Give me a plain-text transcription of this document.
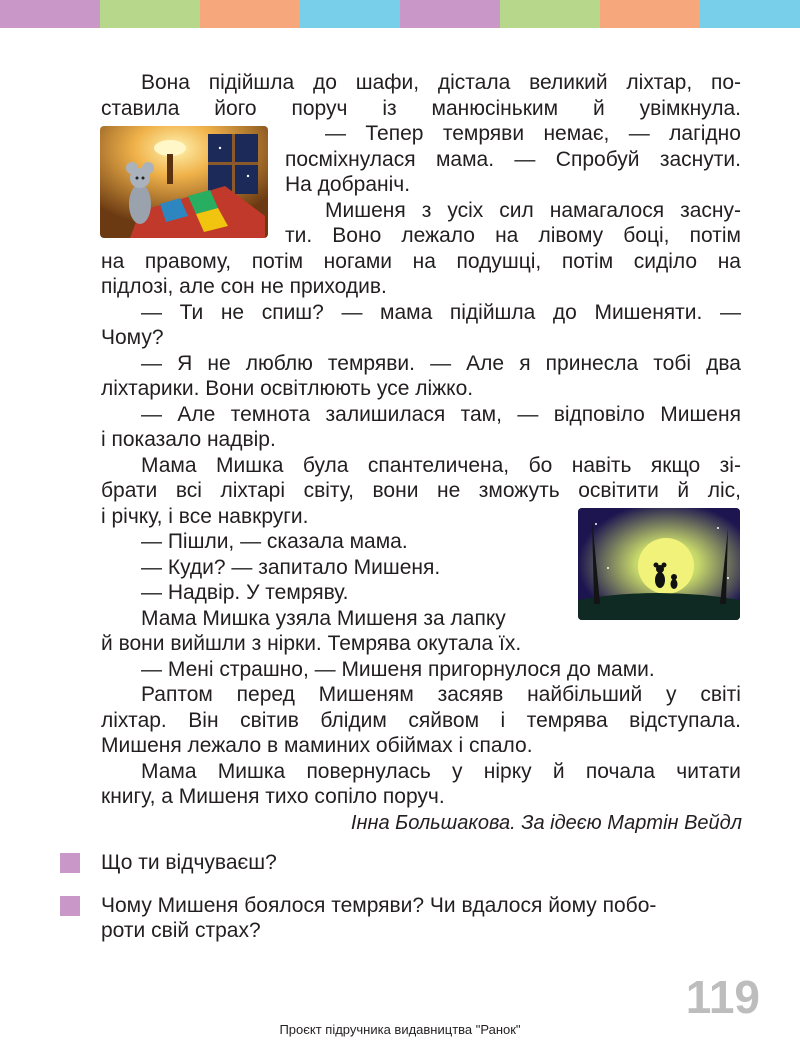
Вона підійшла до шафи, дістала великий ліхтар, по-
ставила його поруч із манюсіньким й увімкнула.
— Тепер темряви немає, — лагідно
посміхнулася мама. — Спробуй заснути.
На добраніч.
Мишеня з усіх сил намагалося засну-
ти. Воно лежало на лівому боці, потім
на правому, потім ногами на подушці, потім сиділо на
підлозі, але сон не приходив.
— Ти не спиш? — мама підійшла до Мишеняти. —
Чому?
— Я не люблю темряви. — Але я принесла тобі два
ліхтарики. Вони освітлюють усе ліжко.
— Але темнота залишилася там, — відповіло Мишеня
і показало надвір.
Мама Мишка була спантеличена, бо навіть якщо зі-
брати всі ліхтарі світу, вони не зможуть освітити й ліс,
і річку, і все навкруги.
— Пішли, — сказала мама.
— Куди? — запитало Мишеня.
— Надвір. У темряву.
Мама Мишка узяла Мишеня за лапку
й вони вийшли з нірки. Темрява окутала їх.
— Мені страшно, — Мишеня пригорнулося до мами.
Раптом перед Мишеням засяяв найбільший у світі
ліхтар. Він світив блідим сяйвом і темрява відступала.
Мишеня лежало в маминих обіймах і спало.
Мама Мишка повернулась у нірку й почала читати
книгу, а Мишеня тихо сопіло поруч.
Інна Большакова. За ідеєю Мартін Вейдл
Що ти відчуваєш?
Чому Мишеня боялося темряви? Чи вдалося йому побо-
роти свій страх?
119
Проєкт підручника видавництва "Ранок"
